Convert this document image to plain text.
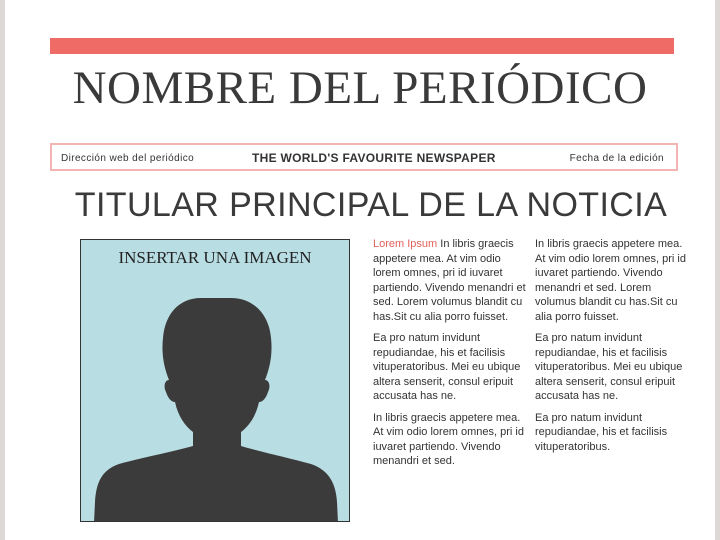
NOMBRE DEL PERIÓDICO
Dirección web del periódico	THE WORLD'S FAVOURITE NEWSPAPER	Fecha de la edición
TITULAR PRINCIPAL DE LA NOTICIA
INSERTAR UNA IMAGEN

Lorem Ipsum In libris graecis appetere mea. At vim odio lorem omnes, pri id iuvaret partiendo. Vivendo menandri et sed. Lorem volumus blandit cu has.Sit cu alia porro fuisset.

Ea pro natum invidunt repudiandae, his et facilisis vituperatoribus. Mei eu ubique altera senserit, consul eripuit accusata has ne.

In libris graecis appetere mea. At vim odio lorem omnes, pri id iuvaret partiendo. Vivendo menandri et sed.

In libris graecis appetere mea. At vim odio lorem omnes, pri id iuvaret partiendo. Vivendo menandri et sed. Lorem volumus blandit cu has.Sit cu alia porro fuisset.

Ea pro natum invidunt repudiandae, his et facilisis vituperatoribus. Mei eu ubique altera senserit, consul eripuit accusata has ne.

Ea pro natum invidunt repudiandae, his et facilisis vituperatoribus.
